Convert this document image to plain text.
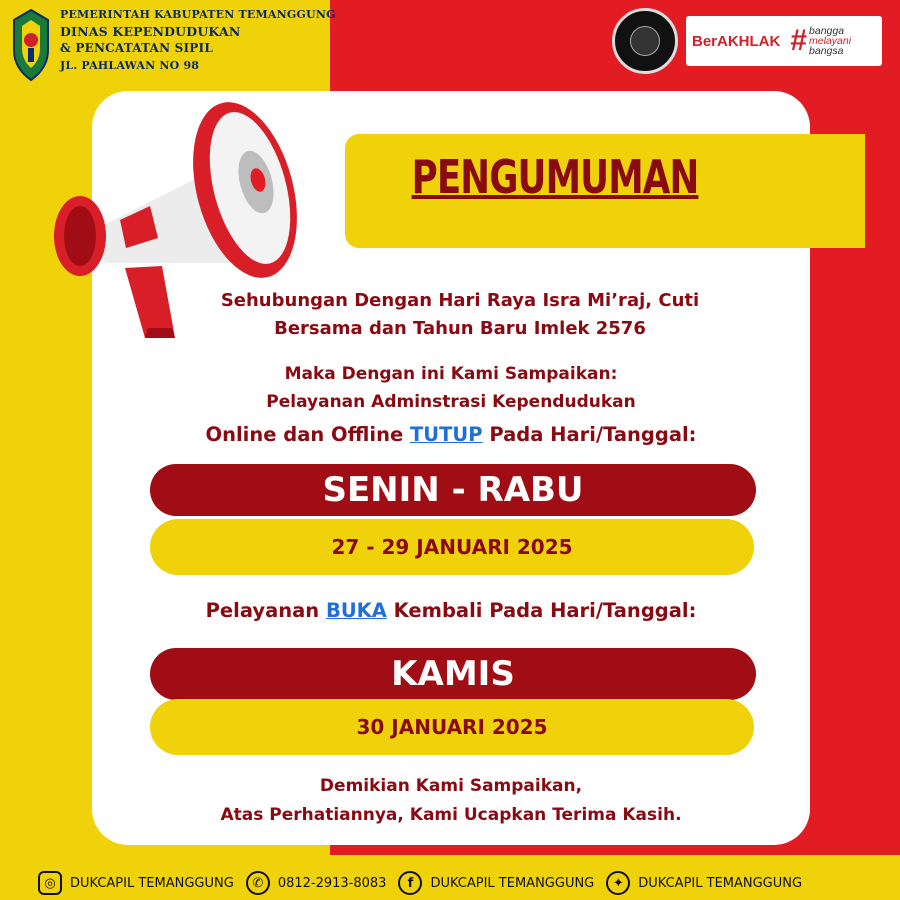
PEMERINTAH KABUPATEN TEMANGGUNG
DINAS KEPENDUDUKAN
& PENCATATAN SIPIL
JL. PAHLAWAN NO 98
BerAKHLAK # bangga
melayani
bangsa
PENGUMUMAN
Sehubungan Dengan Hari Raya Isra Mi’raj, Cuti
Bersama dan Tahun Baru Imlek 2576
Maka Dengan ini Kami Sampaikan:
Pelayanan Adminstrasi Kependudukan
Online dan Offline TUTUP Pada Hari/Tanggal:
SENIN - RABU
27 - 29 JANUARI 2025
Pelayanan BUKA Kembali Pada Hari/Tanggal:
KAMIS
30 JANUARI 2025
Demikian Kami Sampaikan,
Atas Perhatiannya, Kami Ucapkan Terima Kasih.
◎	DUKCAPIL TEMANGGUNG	✆	0812-2913-8083	f	DUKCAPIL TEMANGGUNG	✦	DUKCAPIL TEMANGGUNG
